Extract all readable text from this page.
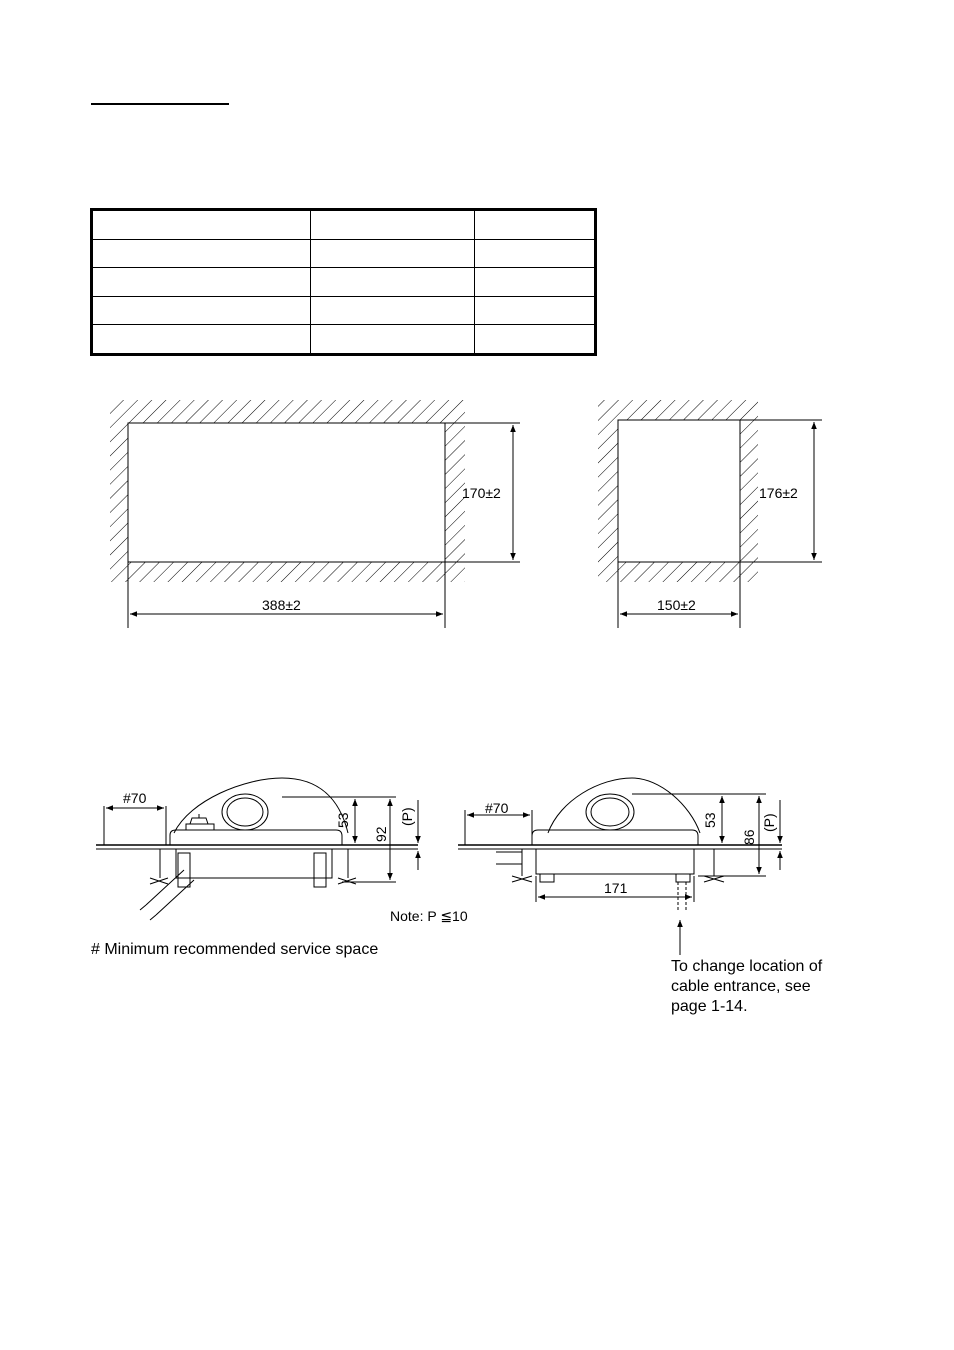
170±2
388±2
176±2
150±2
#70
53
92
(P)	#70
53
86
(P)
171
Note: P ≦10
# Minimum recommended service space
To change location of
cable entrance, see
page 1-14.
